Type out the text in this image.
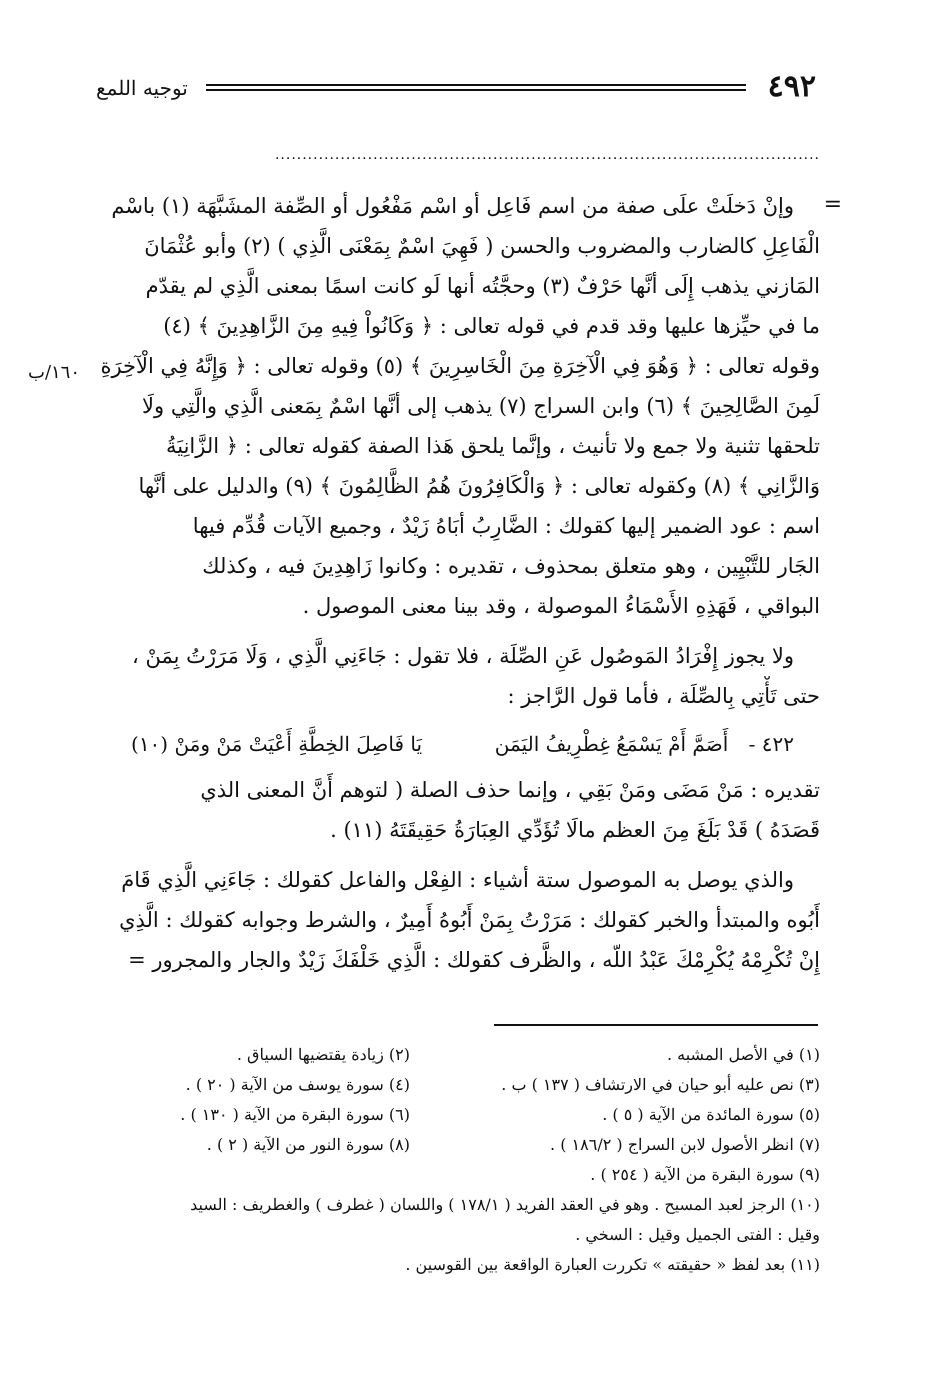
٤٩٢
توجيه اللمع
....................................................................................................
=
١٦٠/ب

وإنْ دَخلَتْ علَى صفة من اسم فَاعِل أو اسْم مَفْعُول أو الصِّفة المشَبَّهَة (١) باسْم
الْفَاعِلِ كالضارب والمضروب والحسن ( فَهِيَ اسْمٌ بِمَعْنَى الَّذِي ) (٢) وأبو عُثْمَانَ
المَازني يذهب إِلَى أنَّها حَرْفٌ (٣) وحجَّتُه أنها لَو كانت اسمًا بمعنى الَّذِي لم يقدّم
ما في حيِّزها عليها وقد قدم في قوله تعالى : ﴿ وَكَانُواْ فِيهِ مِنَ الزَّاهِدِينَ ﴾ (٤)
وقوله تعالى : ﴿ وَهُوَ فِي الْآخِرَةِ مِنَ الْخَاسِرِينَ ﴾ (٥) وقوله تعالى : ﴿ وَإِنَّهُ فِي الْآخِرَةِ
لَمِنَ الصَّالِحِينَ ﴾ (٦) وابن السراج (٧) يذهب إلى أنَّها اسْمٌ بِمَعنى الَّذِي والَّتِي ولَا
تلحقها تثنية ولا جمع ولا تأنيث ، وإنَّما يلحق هَذا الصفة كقوله تعالى : ﴿ الزَّانِيَةُ
وَالزَّانِي ﴾ (٨) وكقوله تعالى : ﴿ وَالْكَافِرُونَ هُمُ الظَّالِمُونَ ﴾ (٩) والدليل على أنَّها
اسم : عود الضمير إليها كقولك : الضَّارِبُ أبَاهُ زَيْدٌ ، وجميع الآيات قُدِّم فيها
الجَار للتَّبْيِين ، وهو متعلق بمحذوف ، تقديره : وكانوا زَاهِدِينَ فيه ، وكذلك
البواقي ، فَهَذِهِ الأَسْمَاءُ الموصولة ، وقد بينا معنى الموصول .

ولا يجوز إِفْرَادُ المَوصُول عَنِ الصِّلَة ، فلا تقول : جَاءَنِي الَّذِي ، وَلَا مَرَرْتُ بِمَنْ ،
حتى تَأْتِي بِالصِّلَة ، فأما قول الرَّاجز :

٤٢٢ - أَصَمَّ أَمْ يَسْمَعُ غِطْرِيفُ اليَمَن  يَا فَاصِلَ الخِطَّةِ أَعْيَتْ مَنْ ومَنْ (١٠)

تقديره : مَنْ مَضَى ومَنْ بَقِي ، وإنما حذف الصلة ( لتوهم أَنَّ المعنى الذي
قَصَدَهُ ) قَدْ بَلَغَ مِنَ العظم مالَا تُؤَدِّي العِبَارَةُ حَقِيقَتَهُ (١١) .

والذي يوصل به الموصول ستة أشياء : الفِعْل والفاعل كقولك : جَاءَنِي الَّذِي قَامَ
أَبُوه والمبتدأ والخبر كقولك : مَرَرْتُ بِمَنْ أَبُوهُ أَمِيرٌ ، والشرط وجوابه كقولك : الَّذِي
إِنْ تُكْرِمْهُ يُكْرِمْكَ عَبْدُ اللّه ، والظَّرف كقولك : الَّذِي خَلْفَكَ زَيْدٌ والجار والمجرور =

(١) في الأصل المشبه .
(٢) زيادة يقتضيها السياق .
(٣) نص عليه أبو حيان في الارتشاف ( ١٣٧ ) ب .
(٤) سورة يوسف من الآية ( ٢٠ ) .
(٥) سورة المائدة من الآية ( ٥ ) .
(٦) سورة البقرة من الآية ( ١٣٠ ) .
(٧) انظر الأصول لابن السراج ( ١٨٦/٢ ) .
(٨) سورة النور من الآية ( ٢ ) .
(٩) سورة البقرة من الآية ( ٢٥٤ ) .
(١٠) الرجز لعبد المسيح . وهو في العقد الفريد ( ١٧٨/١ ) واللسان ( غطرف ) والغطريف : السيد
وقيل : الفتى الجميل وقيل : السخي .
(١١) بعد لفظ « حقيقته » تكررت العبارة الواقعة بين القوسين .
